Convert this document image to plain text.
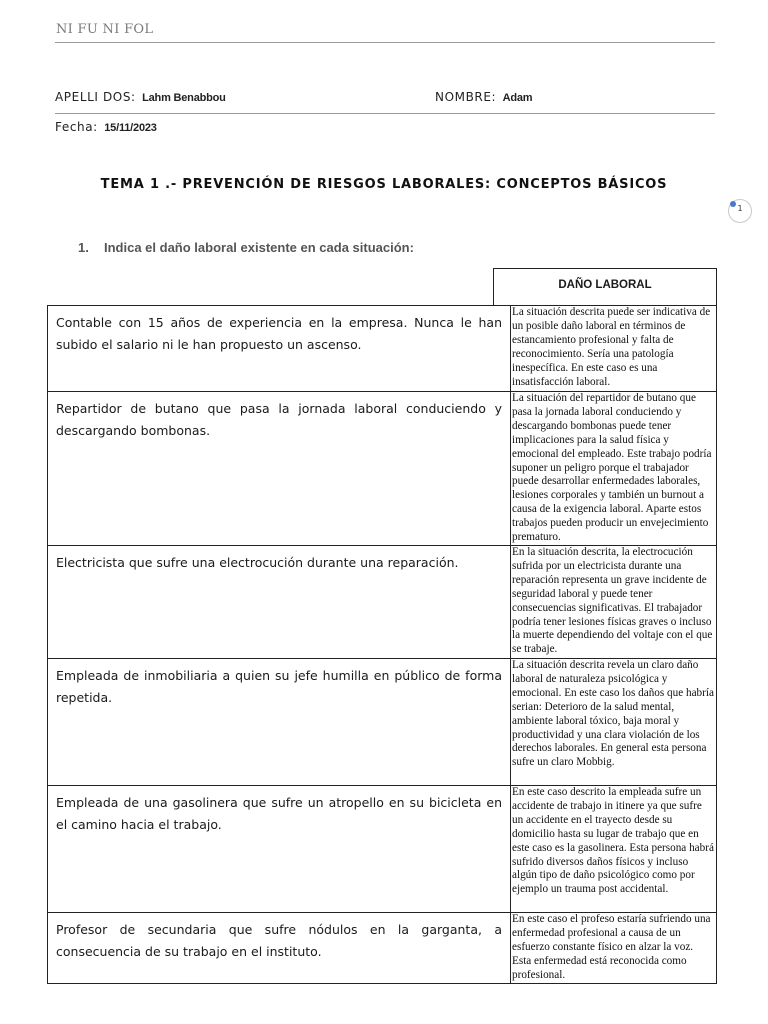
NI FU NI FOL
APELLI DOS: Lahm Benabbou	NOMBRE: Adam
Fecha: 15/11/2023
TEMA 1 .- PREVENCIÓN DE RIESGOS LABORALES: CONCEPTOS BÁSICOS
1
1. Indica el daño laboral existente en cada situación:
DAÑO LABORAL
Contable con 15 años de experiencia en la empresa. Nunca le han subido el salario ni le han propuesto un ascenso.	La situación descrita puede ser indicativa de un posible daño laboral en términos de estancamiento profesional y falta de reconocimiento. Sería una patología inespecífica. En este caso es una insatisfacción laboral.
Repartidor de butano que pasa la jornada laboral conduciendo y descargando bombonas.	La situación del repartidor de butano que pasa la jornada laboral conduciendo y descargando bombonas puede tener implicaciones para la salud física y emocional del empleado. Este trabajo podría suponer un peligro porque el trabajador puede desarrollar enfermedades laborales, lesiones corporales y también un burnout a causa de la exigencia laboral. Aparte estos trabajos pueden producir un envejecimiento prematuro.
Electricista que sufre una electrocución durante una reparación.	En la situación descrita, la electrocución sufrida por un electricista durante una reparación representa un grave incidente de seguridad laboral y puede tener consecuencias significativas. El trabajador podría tener lesiones físicas graves o incluso la muerte dependiendo del voltaje con el que se trabaje.
Empleada de inmobiliaria a quien su jefe humilla en público de forma repetida.	La situación descrita revela un claro daño laboral de naturaleza psicológica y emocional. En este caso los daños que habría serian: Deterioro de la salud mental, ambiente laboral tóxico, baja moral y productividad y una clara violación de los derechos laborales. En general esta persona sufre un claro Mobbig.
Empleada de una gasolinera que sufre un atropello en su bicicleta en el camino hacia el trabajo.	En este caso descrito la empleada sufre un accidente de trabajo in itinere ya que sufre un accidente en el trayecto desde su domicilio hasta su lugar de trabajo que en este caso es la gasolinera. Esta persona habrá sufrido diversos daños físicos y incluso algún tipo de daño psicológico como por ejemplo un trauma post accidental.
Profesor de secundaria que sufre nódulos en la garganta, a consecuencia de su trabajo en el instituto.	En este caso el profeso estaría sufriendo una enfermedad profesional a causa de un esfuerzo constante físico en alzar la voz. Esta enfermedad está reconocida como profesional.
